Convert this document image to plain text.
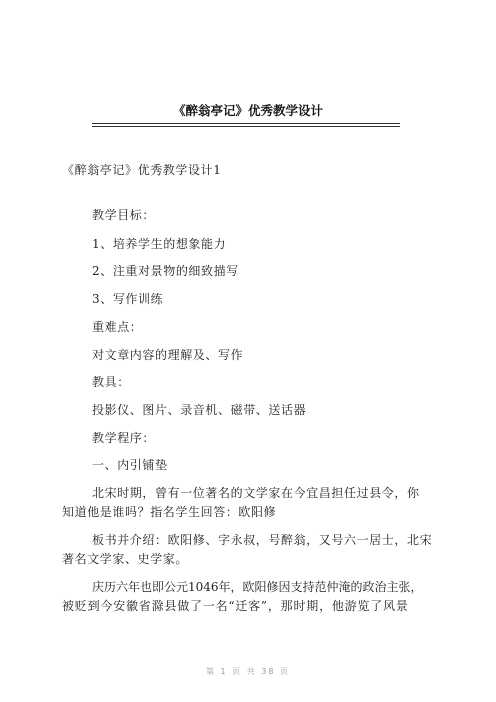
《醉翁亭记》优秀教学设计
《醉翁亭记》优秀教学设计1
教学目标：
1、培养学生的想象能力
2、注重对景物的细致描写
3、写作训练
重难点：
对文章内容的理解及、写作
教具：
投影仪、图片、录音机、磁带、送话器
教学程序：
一、内引铺垫
北宋时期，曾有一位著名的文学家在今宜昌担任过县令，你
知道他是谁吗？指名学生回答：欧阳修
板书并介绍：欧阳修、字永叔，号醉翁，又号六一居士，北宋
著名文学家、史学家。
庆历六年也即公元1046年，欧阳修因支持范仲淹的政治主张，
被贬到今安徽省滁县做了一名“迁客”，那时期，他游览了风景
第 1 页 共 38 页
